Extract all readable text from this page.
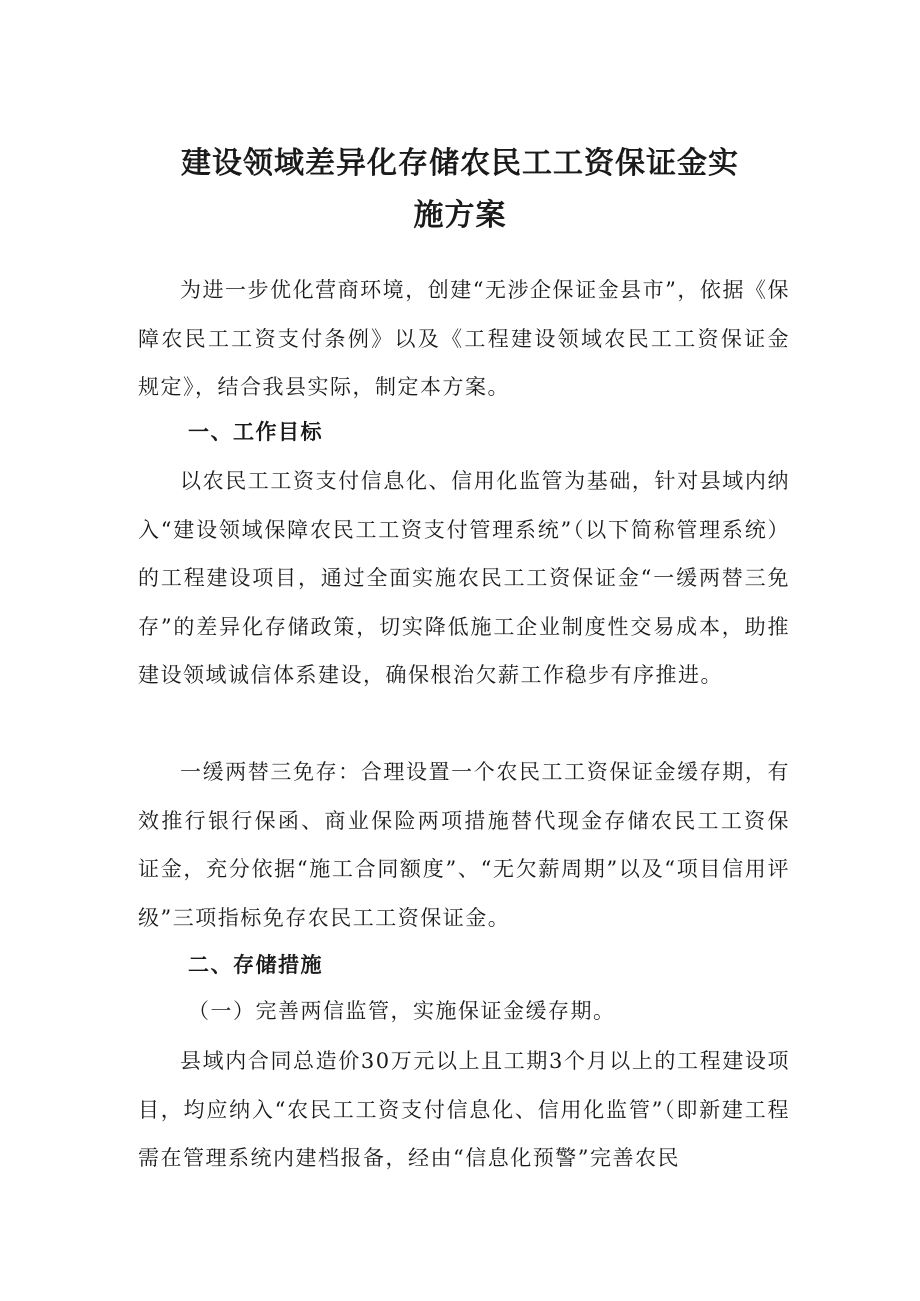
建设领域差异化存储农民工工资保证金实
施方案

为进一步优化营商环境，创建“无涉企保证金县市”，依据《保障农民工工资支付条例》以及《工程建设领域农民工工资保证金规定》，结合我县实际，制定本方案。

一、工作目标

以农民工工资支付信息化、信用化监管为基础，针对县域内纳入“建设领域保障农民工工资支付管理系统”（以下简称管理系统）的工程建设项目，通过全面实施农民工工资保证金“一缓两替三免存”的差异化存储政策，切实降低施工企业制度性交易成本，助推建设领域诚信体系建设，确保根治欠薪工作稳步有序推进。

一缓两替三免存：合理设置一个农民工工资保证金缓存期，有效推行银行保函、商业保险两项措施替代现金存储农民工工资保证金，充分依据“施工合同额度”、“无欠薪周期”以及“项目信用评级”三项指标免存农民工工资保证金。

二、存储措施

（一）完善两信监管，实施保证金缓存期。

县域内合同总造价30万元以上且工期3个月以上的工程建设项目，均应纳入“农民工工资支付信息化、信用化监管”（即新建工程需在管理系统内建档报备，经由“信息化预警”完善农民
